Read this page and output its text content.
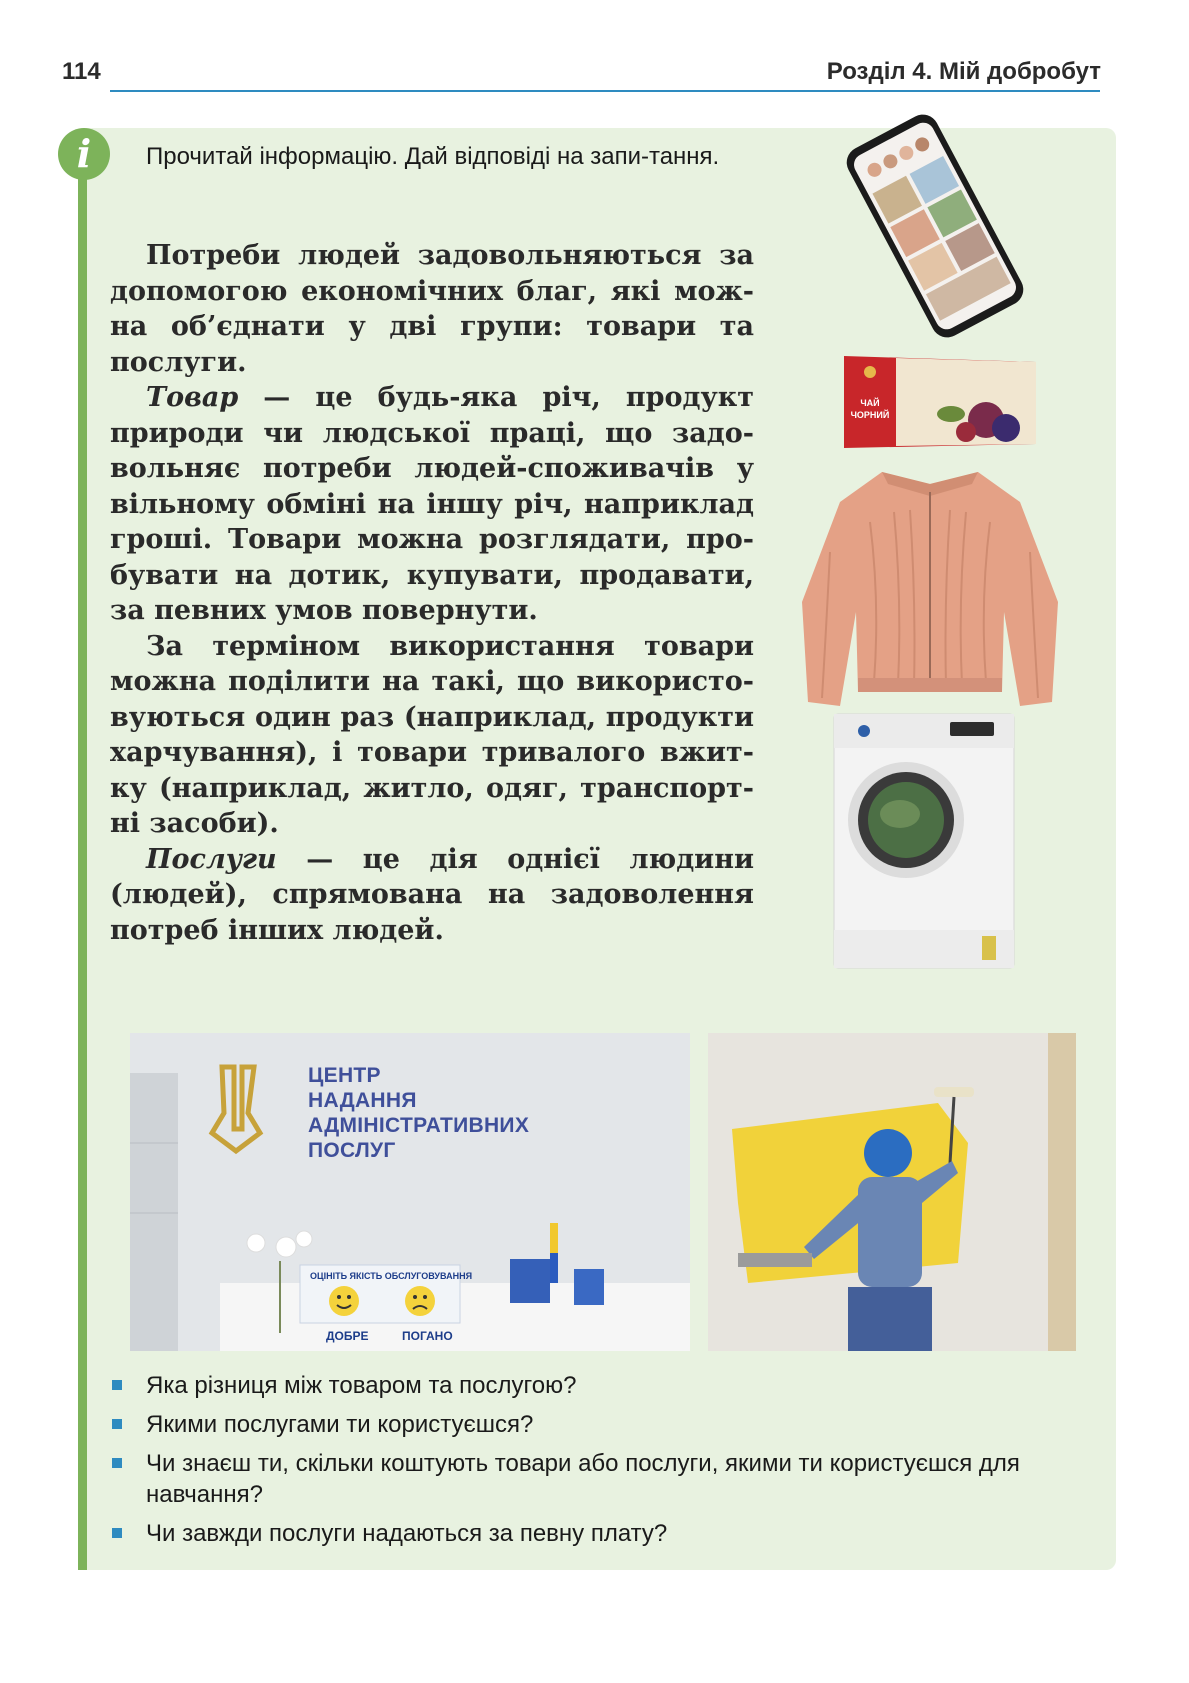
114	Розділ 4. Мій добробут
i	Прочитай інформацію. Дай відповіді на запи-тання.

Потреби людей задовольняються за допомогою економічних благ, які мож-на об’єднати у дві групи: товари та послуги.

Товар — це будь-яка річ, продукт природи чи людської праці, що задо-вольняє потреби людей-споживачів у вільному обміні на іншу річ, наприклад гроші. Товари можна розглядати, про-бувати на дотик, купувати, продавати, за певних умов повернути.

За терміном використання товари можна поділити на такі, що використо-вуються один раз (наприклад, продукти харчування), і товари тривалого вжит-ку (наприклад, житло, одяг, транспорт-ні засоби).

Послуги — це дія однієї людини (людей), спрямована на задоволення потреб інших людей.

ЧАЙ
ЧОРНИЙ
ЦЕНТР
НАДАННЯ
АДМІНІСТРАТИВНИХ
ПОСЛУГ
ОЦІНІТЬ ЯКІСТЬ ОБСЛУГОВУВАННЯ
ДОБРЕ	ПОГАНО
Яка різниця між товаром та послугою?
Якими послугами ти користуєшся?
Чи знаєш ти, скільки коштують товари або послуги, якими ти користуєшся для навчання?
Чи завжди послуги надаються за певну плату?
